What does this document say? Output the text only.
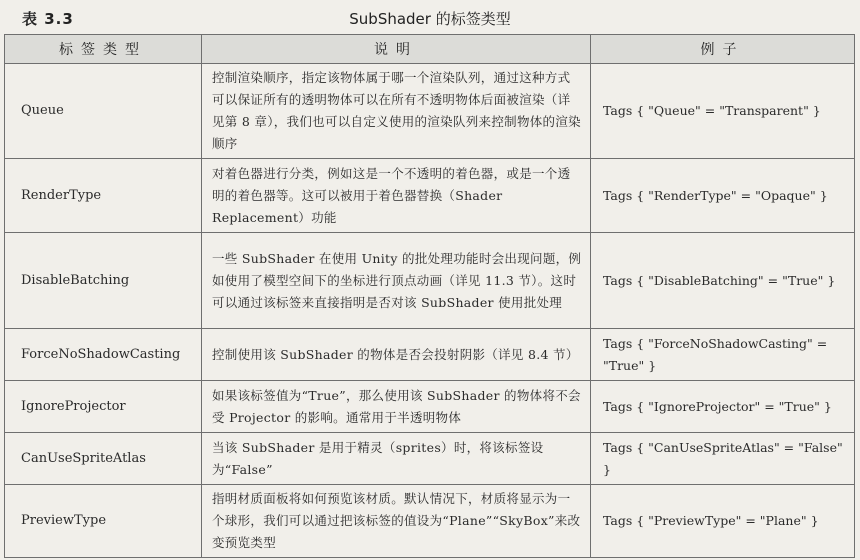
表 3.3	SubShader 的标签类型
标签类型	说明	例子
Queue	控制渲染顺序，指定该物体属于哪一个渲染队列，通过这种方式可以保证所有的透明物体可以在所有不透明物体后面被渲染（详见第 8 章），我们也可以自定义使用的渲染队列来控制物体的渲染顺序	Tags { "Queue" = "Transparent" }
RenderType	对着色器进行分类，例如这是一个不透明的着色器，或是一个透明的着色器等。这可以被用于着色器替换（Shader Replacement）功能	Tags { "RenderType" = "Opaque" }
DisableBatching	一些 SubShader 在使用 Unity 的批处理功能时会出现问题，例如使用了模型空间下的坐标进行顶点动画（详见 11.3 节）。这时可以通过该标签来直接指明是否对该 SubShader 使用批处理	Tags { "DisableBatching" = "True" }
ForceNoShadowCasting	控制使用该 SubShader 的物体是否会投射阴影（详见 8.4 节）	Tags { "ForceNoShadowCasting" = "True" }
IgnoreProjector	如果该标签值为“True”，那么使用该 SubShader 的物体将不会受 Projector 的影响。通常用于半透明物体	Tags { "IgnoreProjector" = "True" }
CanUseSpriteAtlas	当该 SubShader 是用于精灵（sprites）时，将该标签设为“False”	Tags { "CanUseSpriteAtlas" = "False" }
PreviewType	指明材质面板将如何预览该材质。默认情况下，材质将显示为一个球形，我们可以通过把该标签的值设为“Plane”“SkyBox”来改变预览类型	Tags { "PreviewType" = "Plane" }
